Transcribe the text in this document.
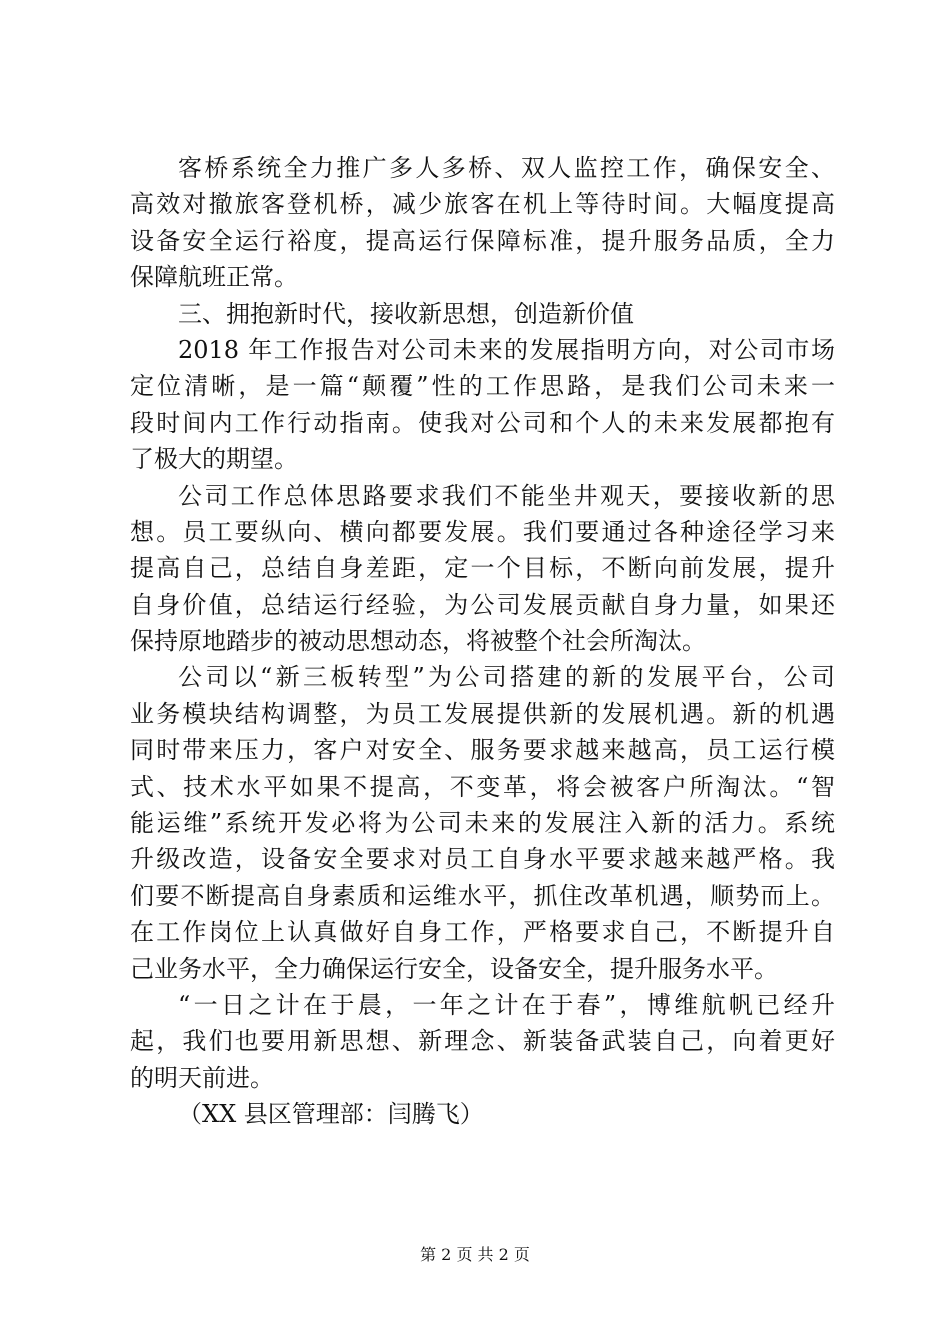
客桥系统全力推广多人多桥、双人监控工作，确保安全、
高效对撤旅客登机桥，减少旅客在机上等待时间。大幅度提高
设备安全运行裕度，提高运行保障标准，提升服务品质，全力
保障航班正常。
三、拥抱新时代，接收新思想，创造新价值
2018 年工作报告对公司未来的发展指明方向，对公司市场
定位清晰，是一篇“颠覆”性的工作思路，是我们公司未来一
段时间内工作行动指南。使我对公司和个人的未来发展都抱有
了极大的期望。
公司工作总体思路要求我们不能坐井观天，要接收新的思
想。员工要纵向、横向都要发展。我们要通过各种途径学习来
提高自己，总结自身差距，定一个目标，不断向前发展，提升
自身价值，总结运行经验，为公司发展贡献自身力量，如果还
保持原地踏步的被动思想动态，将被整个社会所淘汰。
公司以“新三板转型”为公司搭建的新的发展平台，公司
业务模块结构调整，为员工发展提供新的发展机遇。新的机遇
同时带来压力，客户对安全、服务要求越来越高，员工运行模
式、技术水平如果不提高，不变革，将会被客户所淘汰。“智
能运维”系统开发必将为公司未来的发展注入新的活力。系统
升级改造，设备安全要求对员工自身水平要求越来越严格。我
们要不断提高自身素质和运维水平，抓住改革机遇，顺势而上。
在工作岗位上认真做好自身工作，严格要求自己，不断提升自
己业务水平，全力确保运行安全，设备安全，提升服务水平。
“一日之计在于晨，一年之计在于春”，博维航帆已经升
起，我们也要用新思想、新理念、新装备武装自己，向着更好
的明天前进。
（XX 县区管理部：闫腾飞）
第 2 页 共 2 页
